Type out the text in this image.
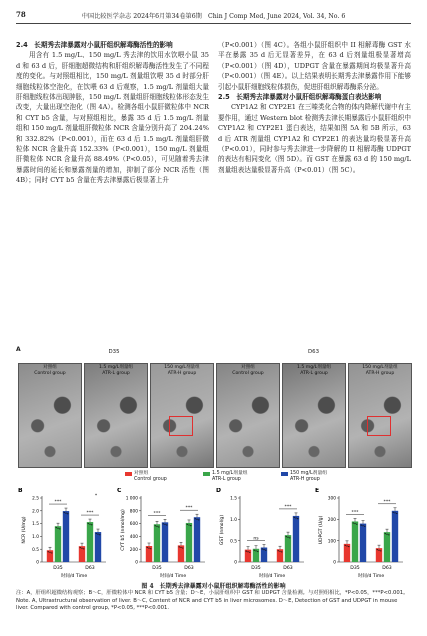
78	中国比较医学杂志 2024年6月第34卷第6期　Chin J Comp Med, June 2024, Vol. 34, No. 6
2.4　长期秀去津暴露对小鼠肝组织解毒酶活性的影响

用含有 1.5 mg/L、150 mg/L 秀去津的饮用水饮喂小鼠 35 d 和 63 d 后，肝细胞超微结构和肝组织解毒酶活性发生了不同程度的变化。与对照组相比，150 mg/L 剂量组饮喂 35 d 时部分肝细胞线粒体空泡化，在饮喂 63 d 后观察，1.5 mg/L 剂量组大量肝细胞线粒体出现肿胀，150 mg/L 剂量组肝细胞线粒体形态发生改变，大量出现空泡化（图 4A）。检测各组小鼠肝微粒体中 NCR 和 CYT b5 含量，与对照组相比，暴露 35 d 后 1.5 mg/L 剂量组和 150 mg/L 剂量组肝微粒体 NCR 含量分别升高了 204.24% 和 332.82%（P<0.001），而在 63 d 后 1.5 mg/L 剂量组肝微粒体 NCR 含量升高 152.33%（P<0.001），150 mg/L 剂量组肝微粒体 NCR 含量升高 88.49%（P<0.05），可见随着秀去津暴露时间的延长和暴露剂量的增加，抑制了部分 NCR 活性（图 4B）；同时 CYT b5 含量在秀去津暴露后极显著上升

（P<0.001）（图 4C）。各组小鼠肝组织中 II 相解毒酶 GST 水平在暴露 35 d 后无显著差异，在 63 d 后剂量组极显著增高（P<0.001）（图 4D），UDPGT 含量在暴露期间均极显著升高（P<0.001）（图 4E）。以上结果表明长期秀去津暴露作用下能够引起小鼠肝细胞线粒体损伤，促进肝组织解毒酶系分泌。

2.5　长期秀去津暴露对小鼠肝组织解毒酶蛋白表达影响

CYP1A2 和 CYP2E1 在三嗪类化合物的体内降解代谢中有主要作用，通过 Western blot 检测秀去津长期暴露后小鼠肝组织中 CYP1A2 和 CYP2E1 蛋白表达，结果如图 5A 和 5B 所示，63 d 后 ATR 剂量组 CYP1A2 和 CYP2E1 的表达量均极显著升高（P<0.01），同时参与秀去津进一步降解的 II 相解毒酶 UDPGT 的表达有相同变化（图 5D）。而 GST 在暴露 63 d 的 150 mg/L 剂量组表达量极显著升高（P<0.01）（图 5C）。

A	D35	D63
对照组
Control group
1.5 mg/L剂量组
ATR-L group
150 mg/L剂量组
ATR-H group
对照组
Control group
1.5 mg/L剂量组
ATR-L group
150 mg/L剂量组
ATR-H group
对照组
Control group
1.5 mg/L剂量组
ATR-L group
150 mg/L剂量组
ATR-H group
B
0
0.5
1.0
1.5
2.0
2.5
NCR (U/mg)
D35
***
D63
***
*
时间/d Time
C
0
200
400
600
800
1 000
CYT b5 (nmol/mg)
D35
***
D63
***
时间/d Time
D
0
0.5
1.0
1.5
GST (nmol/g)
D35
ns
D63
***
时间/d Time
E
0
100
200
300
UDPGT (U/g)
D35
***
D63
***
时间/d Time
图 4　长期秀去津暴露对小鼠肝组织解毒酶活性的影响
注：A，肝组织超微结构观察；B～C，肝微粒体中 NCR 和 CYT b5 含量；D～E，小鼠肝组织中 GST 和 UDPGT 含量检测。与对照组相比，*P<0.05，***P<0.001。
Note. A, Ultrastructural observation of liver. B～C, Content of NCR and CYT b5 in liver microsomes. D～E, Detection of GST and UDPGT in mouse liver. Compared with control group, *P<0.05, ***P<0.001.
